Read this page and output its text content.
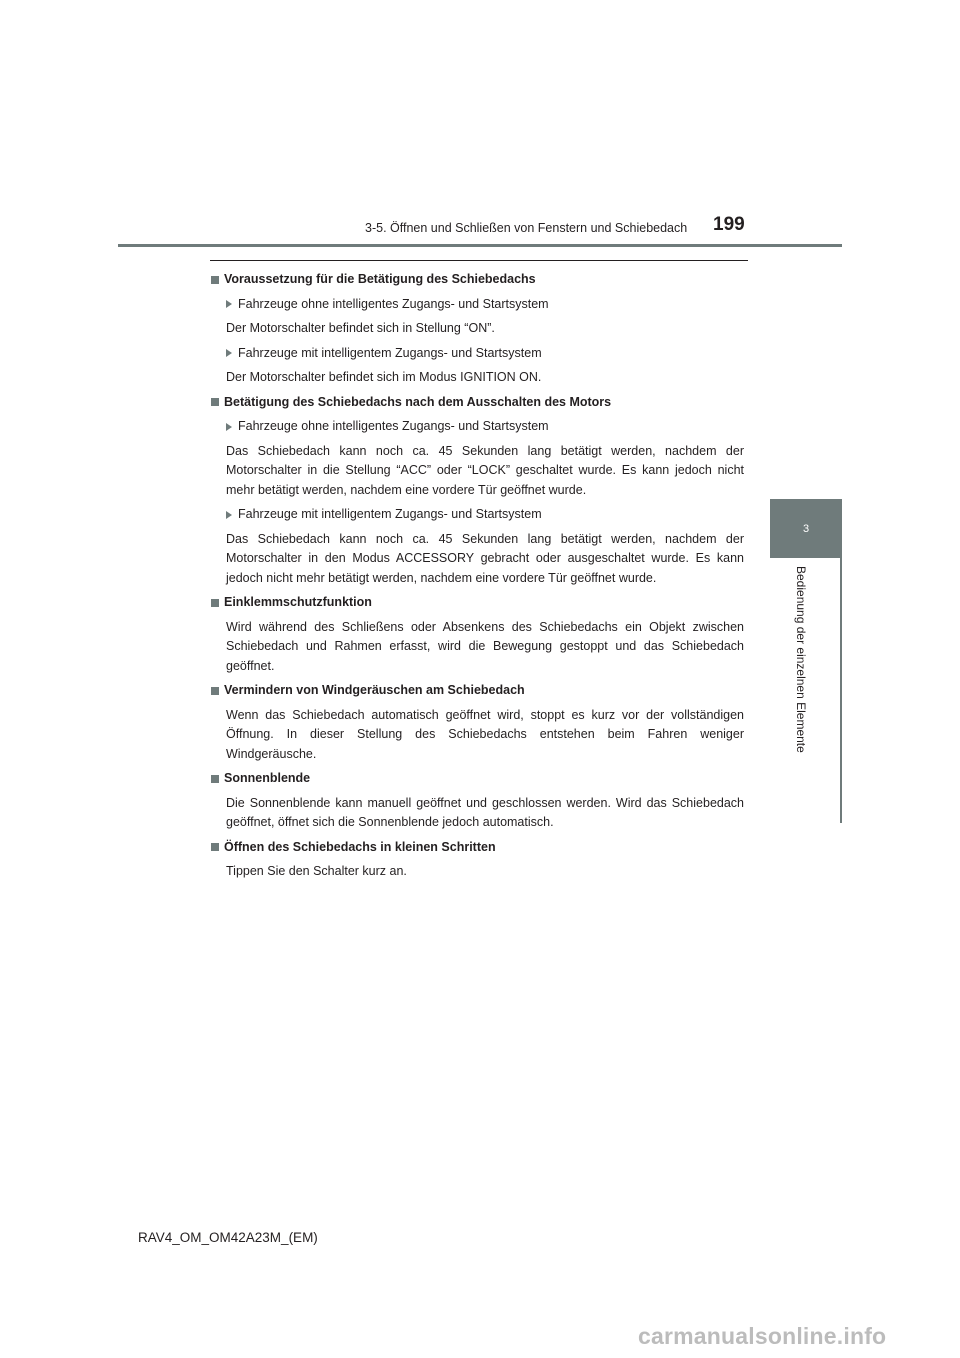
3-5. Öffnen und Schließen von Fenstern und Schiebedach 199
3
Bedienung der einzelnen Elemente
Voraussetzung für die Betätigung des Schiebedachs
Fahrzeuge ohne intelligentes Zugangs- und Startsystem
Der Motorschalter befindet sich in Stellung “ON”.
Fahrzeuge mit intelligentem Zugangs- und Startsystem
Der Motorschalter befindet sich im Modus IGNITION ON.
Betätigung des Schiebedachs nach dem Ausschalten des Motors
Fahrzeuge ohne intelligentes Zugangs- und Startsystem
Das Schiebedach kann noch ca. 45 Sekunden lang betätigt werden, nachdem der Motorschalter in die Stellung “ACC” oder “LOCK” geschaltet wurde. Es kann jedoch nicht mehr betätigt werden, nachdem eine vordere Tür geöffnet wurde.
Fahrzeuge mit intelligentem Zugangs- und Startsystem
Das Schiebedach kann noch ca. 45 Sekunden lang betätigt werden, nachdem der Motorschalter in den Modus ACCESSORY gebracht oder ausgeschaltet wurde. Es kann jedoch nicht mehr betätigt werden, nachdem eine vordere Tür geöffnet wurde.
Einklemmschutzfunktion
Wird während des Schließens oder Absenkens des Schiebedachs ein Objekt zwischen Schiebedach und Rahmen erfasst, wird die Bewegung gestoppt und das Schiebedach geöffnet.
Vermindern von Windgeräuschen am Schiebedach
Wenn das Schiebedach automatisch geöffnet wird, stoppt es kurz vor der vollständigen Öffnung. In dieser Stellung des Schiebedachs entstehen beim Fahren weniger Windgeräusche.
Sonnenblende
Die Sonnenblende kann manuell geöffnet und geschlossen werden. Wird das Schiebedach geöffnet, öffnet sich die Sonnenblende jedoch automatisch.
Öffnen des Schiebedachs in kleinen Schritten
Tippen Sie den Schalter kurz an.
RAV4_OM_OM42A23M_(EM)
carmanualsonline.info
